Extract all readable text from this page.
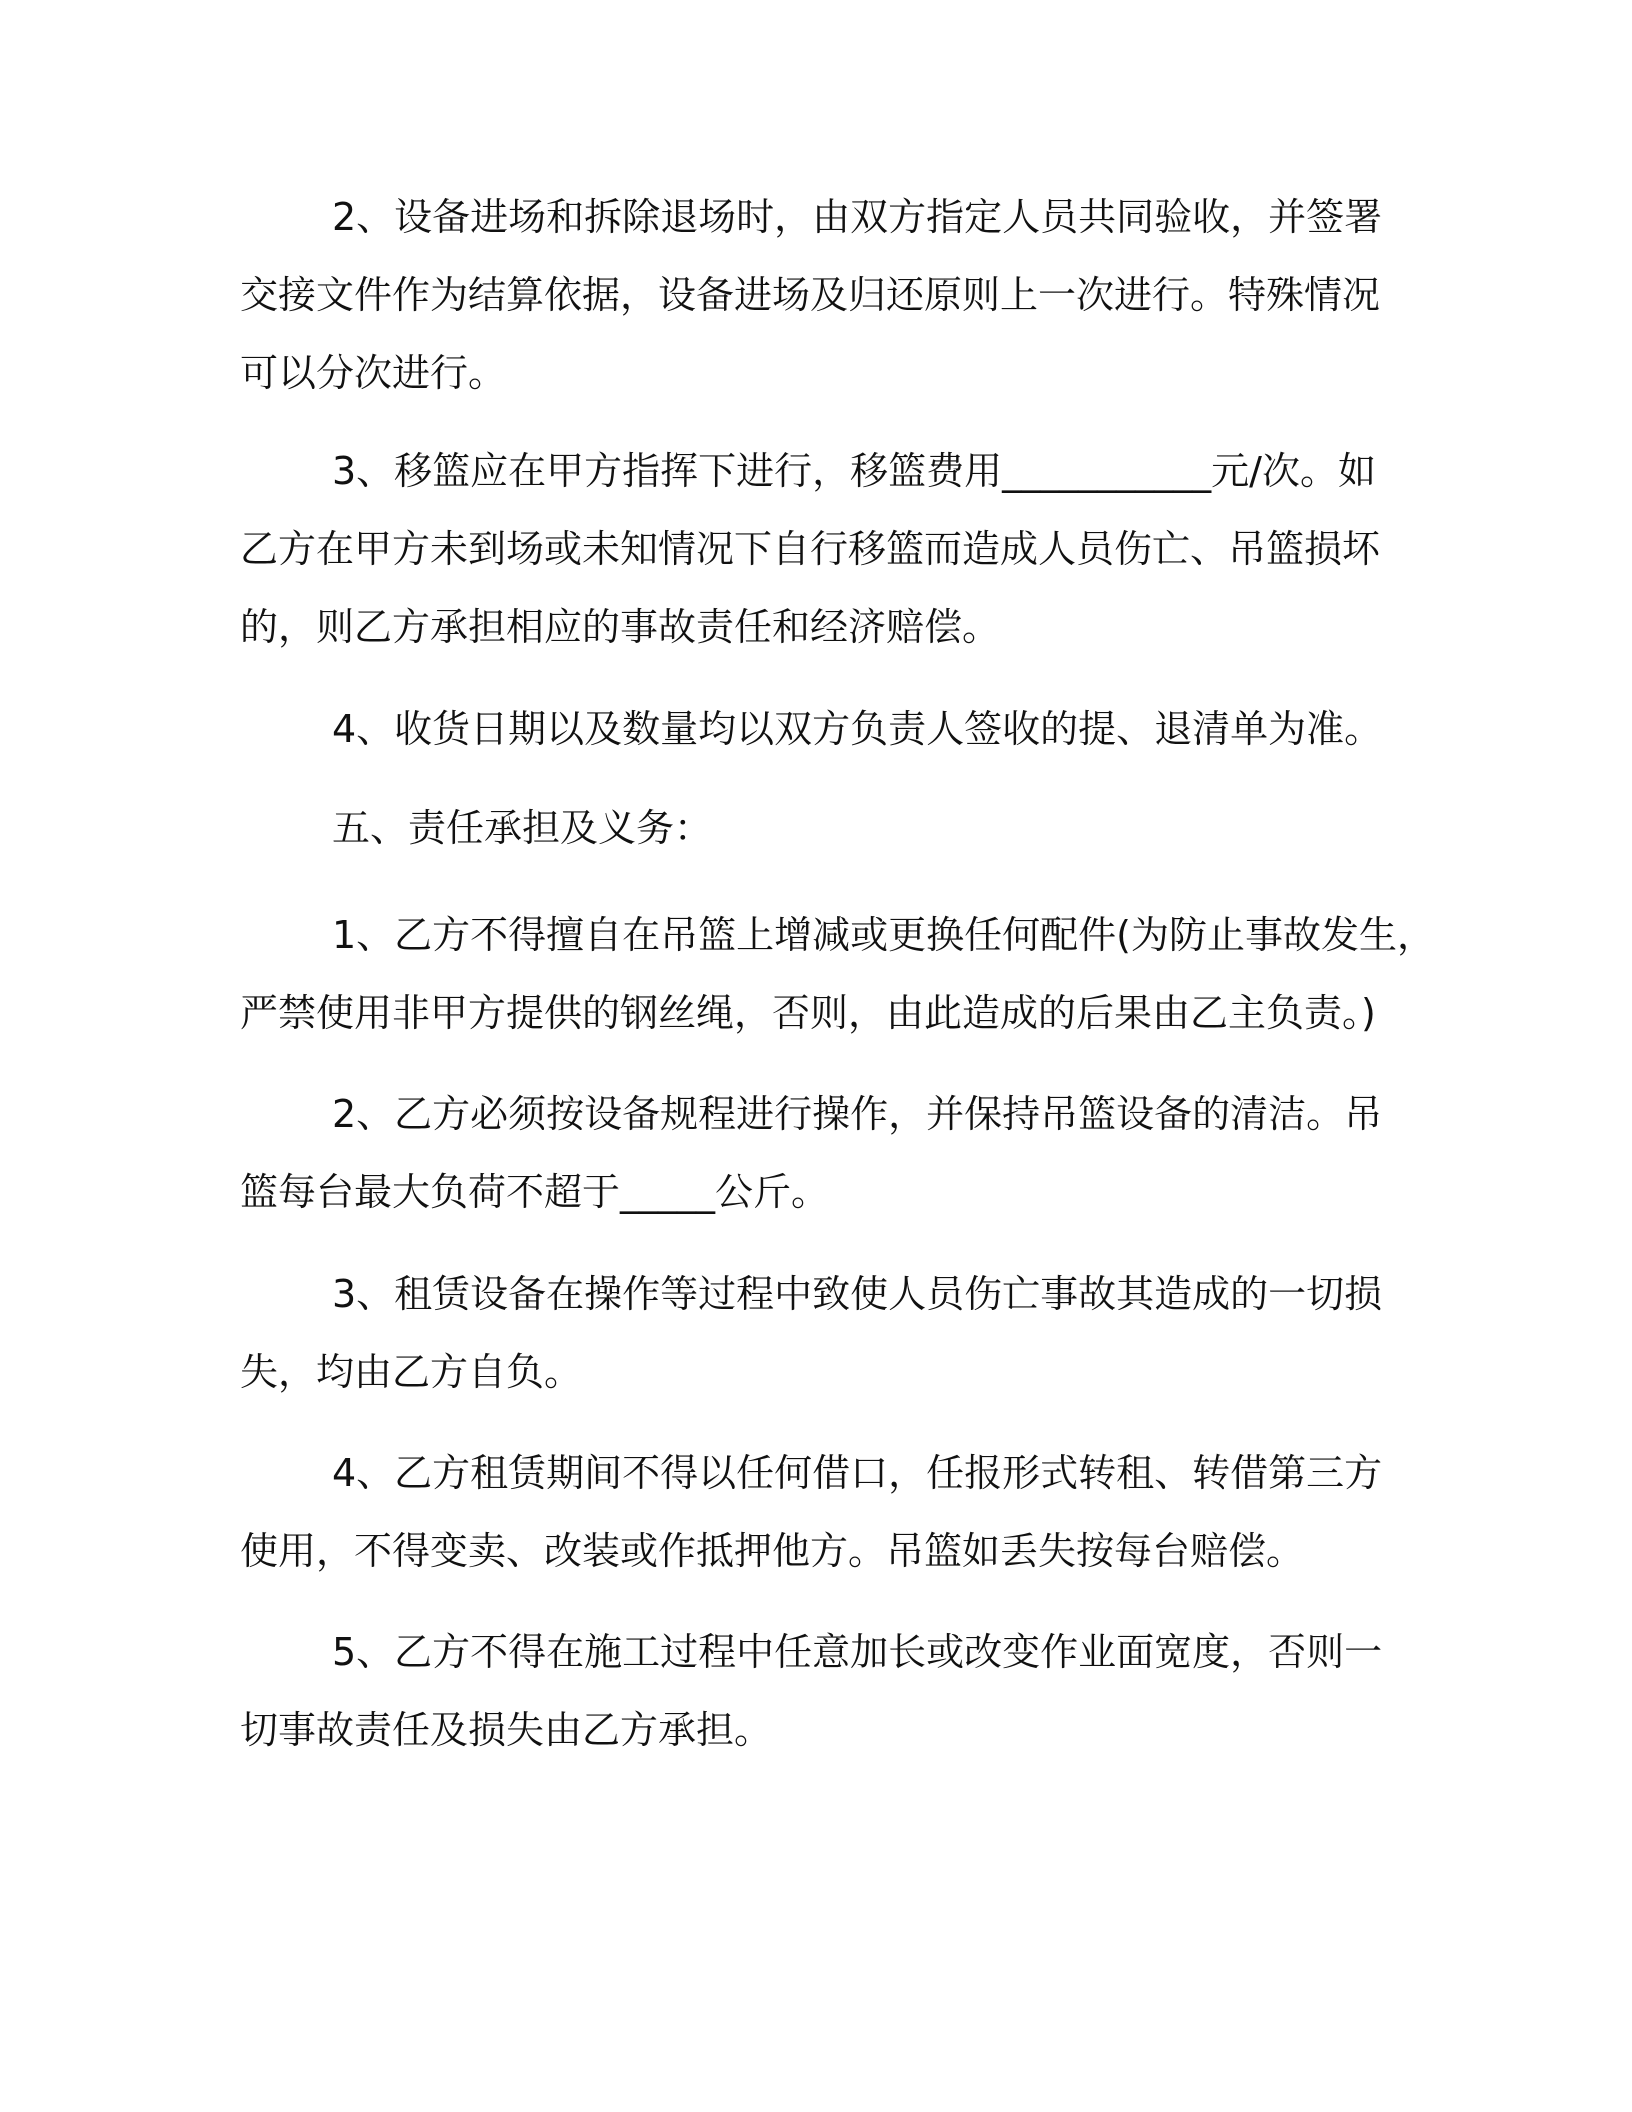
2、设备进场和拆除退场时，由双方指定人员共同验收，并签署
交接文件作为结算依据，设备进场及归还原则上一次进行。特殊情况
可以分次进行。
3、移篮应在甲方指挥下进行，移篮费用___________元/次。如
乙方在甲方未到场或未知情况下自行移篮而造成人员伤亡、吊篮损坏
的，则乙方承担相应的事故责任和经济赔偿。
4、收货日期以及数量均以双方负责人签收的提、退清单为准。
五、责任承担及义务：
1、乙方不得擅自在吊篮上增减或更换任何配件(为防止事故发生，
严禁使用非甲方提供的钢丝绳，否则，由此造成的后果由乙主负责。)
2、乙方必须按设备规程进行操作，并保持吊篮设备的清洁。吊
篮每台最大负荷不超于_____公斤。
3、租赁设备在操作等过程中致使人员伤亡事故其造成的一切损
失，均由乙方自负。
4、乙方租赁期间不得以任何借口，任报形式转租、转借第三方
使用，不得变卖、改装或作抵押他方。吊篮如丢失按每台赔偿。
5、乙方不得在施工过程中任意加长或改变作业面宽度，否则一
切事故责任及损失由乙方承担。
